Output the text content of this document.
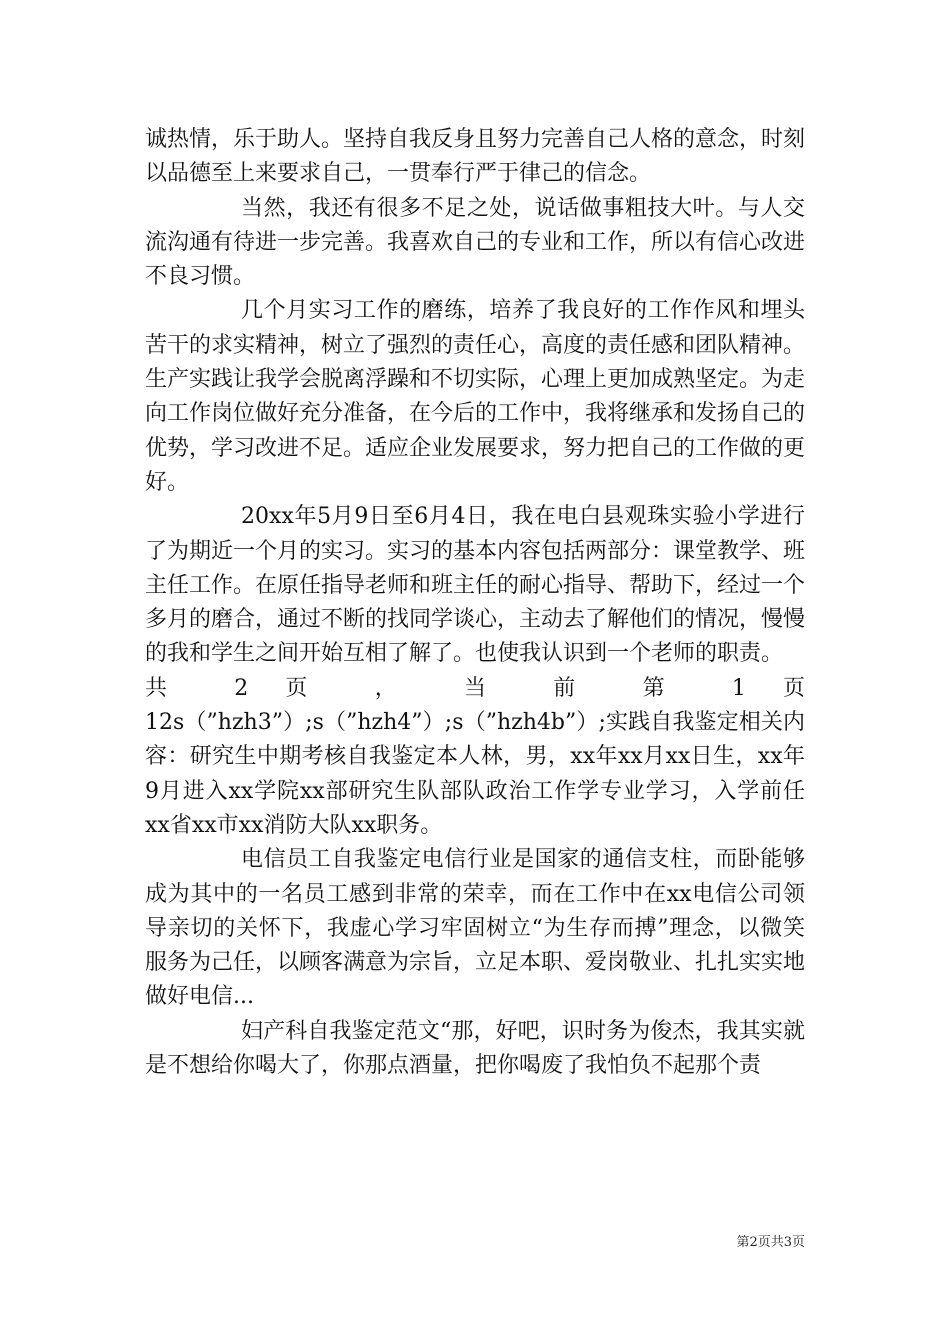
诚热情，乐于助人。坚持自我反身且努力完善自己人格的意念，时刻以品德至上来要求自己，一贯奉行严于律己的信念。

当然，我还有很多不足之处，说话做事粗技大叶。与人交流沟通有待进一步完善。我喜欢自己的专业和工作，所以有信心改进不良习惯。

几个月实习工作的磨练，培养了我良好的工作作风和埋头苦干的求实精神，树立了强烈的责任心，高度的责任感和团队精神。生产实践让我学会脱离浮躁和不切实际，心理上更加成熟坚定。为走向工作岗位做好充分准备，在今后的工作中，我将继承和发扬自己的优势，学习改进不足。适应企业发展要求，努力把自己的工作做的更好。

20xx年5月9日至6月4日，我在电白县观珠实验小学进行了为期近一个月的实习。实习的基本内容包括两部分：课堂教学、班主任工作。在原任指导老师和班主任的耐心指导、帮助下，经过一个多月的磨合，通过不断的找同学谈心，主动去了解他们的情况，慢慢的我和学生之间开始互相了解了。也使我认识到一个老师的职责。

共 2 页 ， 当 前 第 1 页

12s（”hzh3”）;s（”hzh4”）;s（”hzh4b”）;实践自我鉴定相关内容：研究生中期考核自我鉴定本人林，男，xx年xx月xx日生，xx年9月进入xx学院xx部研究生队部队政治工作学专业学习，入学前任xx省xx市xx消防大队xx职务。

电信员工自我鉴定电信行业是国家的通信支柱，而卧能够成为其中的一名员工感到非常的荣幸，而在工作中在xx电信公司领导亲切的关怀下，我虚心学习牢固树立“为生存而搏”理念，以微笑服务为己任，以顾客满意为宗旨，立足本职、爱岗敬业、扎扎实实地做好电信...

妇产科自我鉴定范文“那，好吧，识时务为俊杰，我其实就是不想给你喝大了，你那点酒量，把你喝废了我怕负不起那个责

第2页共3页
